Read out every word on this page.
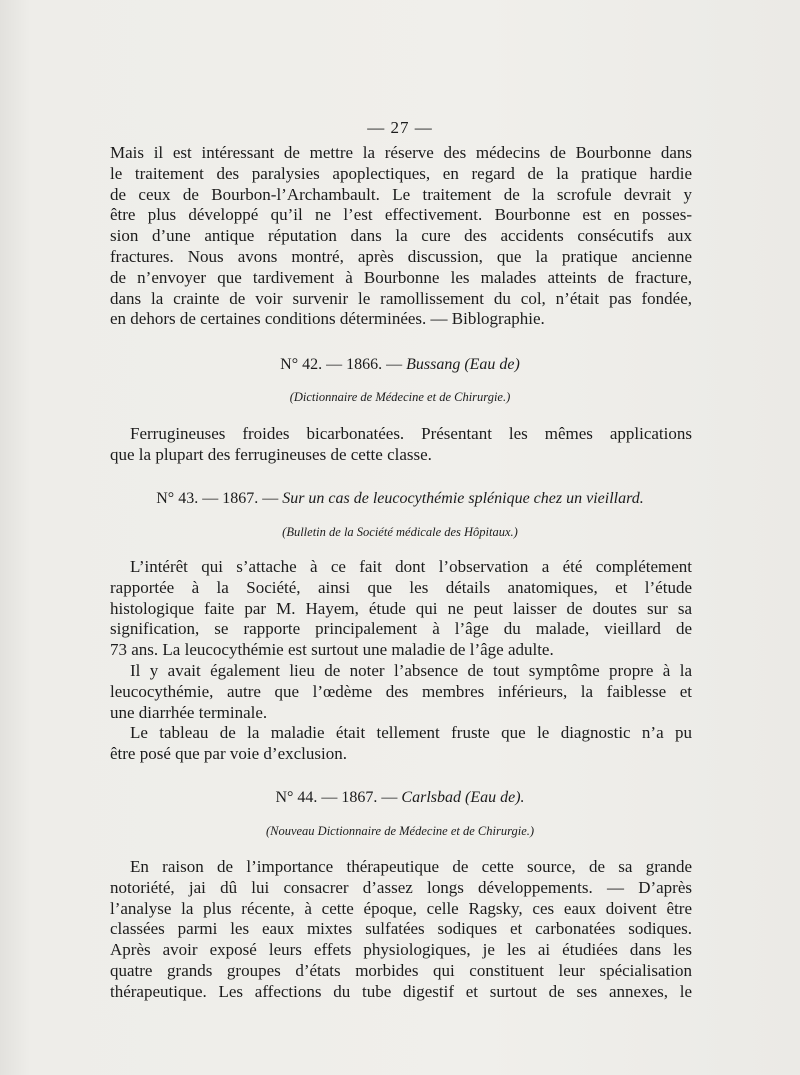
— 27 —
Mais il est intéressant de mettre la réserve des médecins de Bourbonne dans
le traitement des paralysies apoplectiques, en regard de la pratique hardie
de ceux de Bourbon-l’Archambault. Le traitement de la scrofule devrait y
être plus développé qu’il ne l’est effectivement. Bourbonne est en posses-
sion d’une antique réputation dans la cure des accidents consécutifs aux
fractures. Nous avons montré, après discussion, que la pratique ancienne
de n’envoyer que tardivement à Bourbonne les malades atteints de fracture,
dans la crainte de voir survenir le ramollissement du col, n’était pas fondée,
en dehors de certaines conditions déterminées. — Biblographie.
N° 42. — 1866. — Bussang (Eau de)
(Dictionnaire de Médecine et de Chirurgie.)
Ferrugineuses froides bicarbonatées. Présentant les mêmes applications
que la plupart des ferrugineuses de cette classe.
N° 43. — 1867. — Sur un cas de leucocythémie splénique chez un vieillard.
(Bulletin de la Société médicale des Hôpitaux.)
L’intérêt qui s’attache à ce fait dont l’observation a été complétement
rapportée à la Société, ainsi que les détails anatomiques, et l’étude
histologique faite par M. Hayem, étude qui ne peut laisser de doutes sur sa
signification, se rapporte principalement à l’âge du malade, vieillard de
73 ans. La leucocythémie est surtout une maladie de l’âge adulte.
Il y avait également lieu de noter l’absence de tout symptôme propre à la
leucocythémie, autre que l’œdème des membres inférieurs, la faiblesse et
une diarrhée terminale.
Le tableau de la maladie était tellement fruste que le diagnostic n’a pu
être posé que par voie d’exclusion.
N° 44. — 1867. — Carlsbad (Eau de).
(Nouveau Dictionnaire de Médecine et de Chirurgie.)
En raison de l’importance thérapeutique de cette source, de sa grande
notoriété, jai dû lui consacrer d’assez longs développements. — D’après
l’analyse la plus récente, à cette époque, celle Ragsky, ces eaux doivent être
classées parmi les eaux mixtes sulfatées sodiques et carbonatées sodiques.
Après avoir exposé leurs effets physiologiques, je les ai étudiées dans les
quatre grands groupes d’états morbides qui constituent leur spécialisation
thérapeutique. Les affections du tube digestif et surtout de ses annexes, le
